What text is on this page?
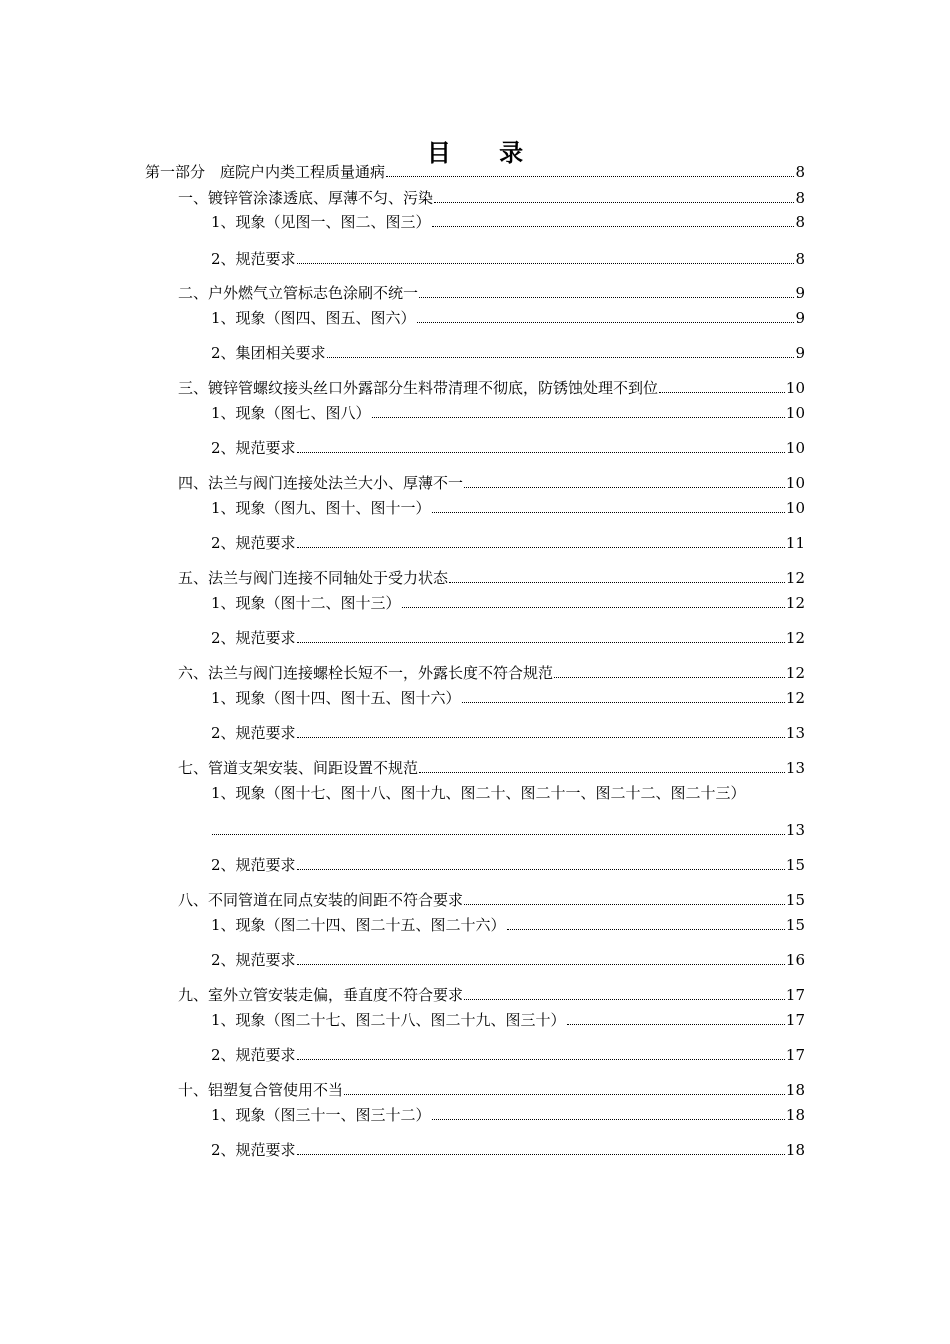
目 录
第一部分　庭院户内类工程质量通病	8
一、镀锌管涂漆透底、厚薄不匀、污染	8
1、现象（见图一、图二、图三）	8
2、规范要求	8
二、户外燃气立管标志色涂刷不统一	9
1、现象（图四、图五、图六）	9
2、集团相关要求	9
三、镀锌管螺纹接头丝口外露部分生料带清理不彻底，防锈蚀处理不到位	10
1、现象（图七、图八）	10
2、规范要求	10
四、法兰与阀门连接处法兰大小、厚薄不一	10
1、现象（图九、图十、图十一）	10
2、规范要求	11
五、法兰与阀门连接不同轴处于受力状态	12
1、现象（图十二、图十三）	12
2、规范要求	12
六、法兰与阀门连接螺栓长短不一，外露长度不符合规范	12
1、现象（图十四、图十五、图十六）	12
2、规范要求	13
七、管道支架安装、间距设置不规范	13
1、现象（图十七、图十八、图十九、图二十、图二十一、图二十二、图二十三）
13
2、规范要求	15
八、不同管道在同点安装的间距不符合要求	15
1、现象（图二十四、图二十五、图二十六）	15
2、规范要求	16
九、室外立管安装走偏，垂直度不符合要求	17
1、现象（图二十七、图二十八、图二十九、图三十）	17
2、规范要求	17
十、铝塑复合管使用不当	18
1、现象（图三十一、图三十二）	18
2、规范要求	18
